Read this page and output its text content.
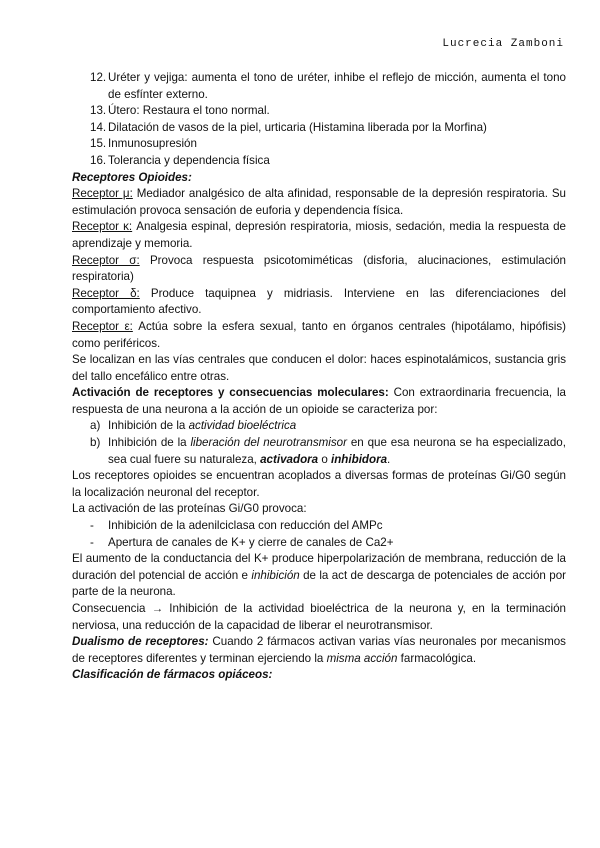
Lucrecia Zamboni
12. Uréter y vejiga: aumenta el tono de uréter, inhibe el reflejo de micción, aumenta el tono de esfínter externo.
13. Útero: Restaura el tono normal.
14. Dilatación de vasos de la piel, urticaria (Histamina liberada por la Morfina)
15. Inmunosupresión
16. Tolerancia y dependencia física

Receptores Opioides:

Receptor μ: Mediador analgésico de alta afinidad, responsable de la depresión respiratoria. Su estimulación provoca sensación de euforia y dependencia física.

Receptor κ: Analgesia espinal, depresión respiratoria, miosis, sedación, media la respuesta de aprendizaje y memoria.

Receptor σ: Provoca respuesta psicotomiméticas (disforia, alucinaciones, estimulación respiratoria)

Receptor δ: Produce taquipnea y midriasis. Interviene en las diferenciaciones del comportamiento afectivo.

Receptor ε: Actúa sobre la esfera sexual, tanto en órganos centrales (hipotálamo, hipófisis) como periféricos.

Se localizan en las vías centrales que conducen el dolor: haces espinotalámicos, sustancia gris del tallo encefálico entre otras.

Activación de receptores y consecuencias moleculares: Con extraordinaria frecuencia, la respuesta de una neurona a la acción de un opioide se caracteriza por:

a) Inhibición de la actividad bioeléctrica
b) Inhibición de la liberación del neurotransmisor en que esa neurona se ha especializado, sea cual fuere su naturaleza, activadora o inhibidora.

Los receptores opioides se encuentran acoplados a diversas formas de proteínas Gi/G0 según la localización neuronal del receptor.

La activación de las proteínas Gi/G0 provoca:

- Inhibición de la adenilciclasa con reducción del AMPc
- Apertura de canales de K+ y cierre de canales de Ca2+

El aumento de la conductancia del K+ produce hiperpolarización de membrana, reducción de la duración del potencial de acción e inhibición de la act de descarga de potenciales de acción por parte de la neurona.

Consecuencia → Inhibición de la actividad bioeléctrica de la neurona y, en la terminación nerviosa, una reducción de la capacidad de liberar el neurotransmisor.

Dualismo de receptores: Cuando 2 fármacos activan varias vías neuronales por mecanismos de receptores diferentes y terminan ejerciendo la misma acción farmacológica.

Clasificación de fármacos opiáceos:
